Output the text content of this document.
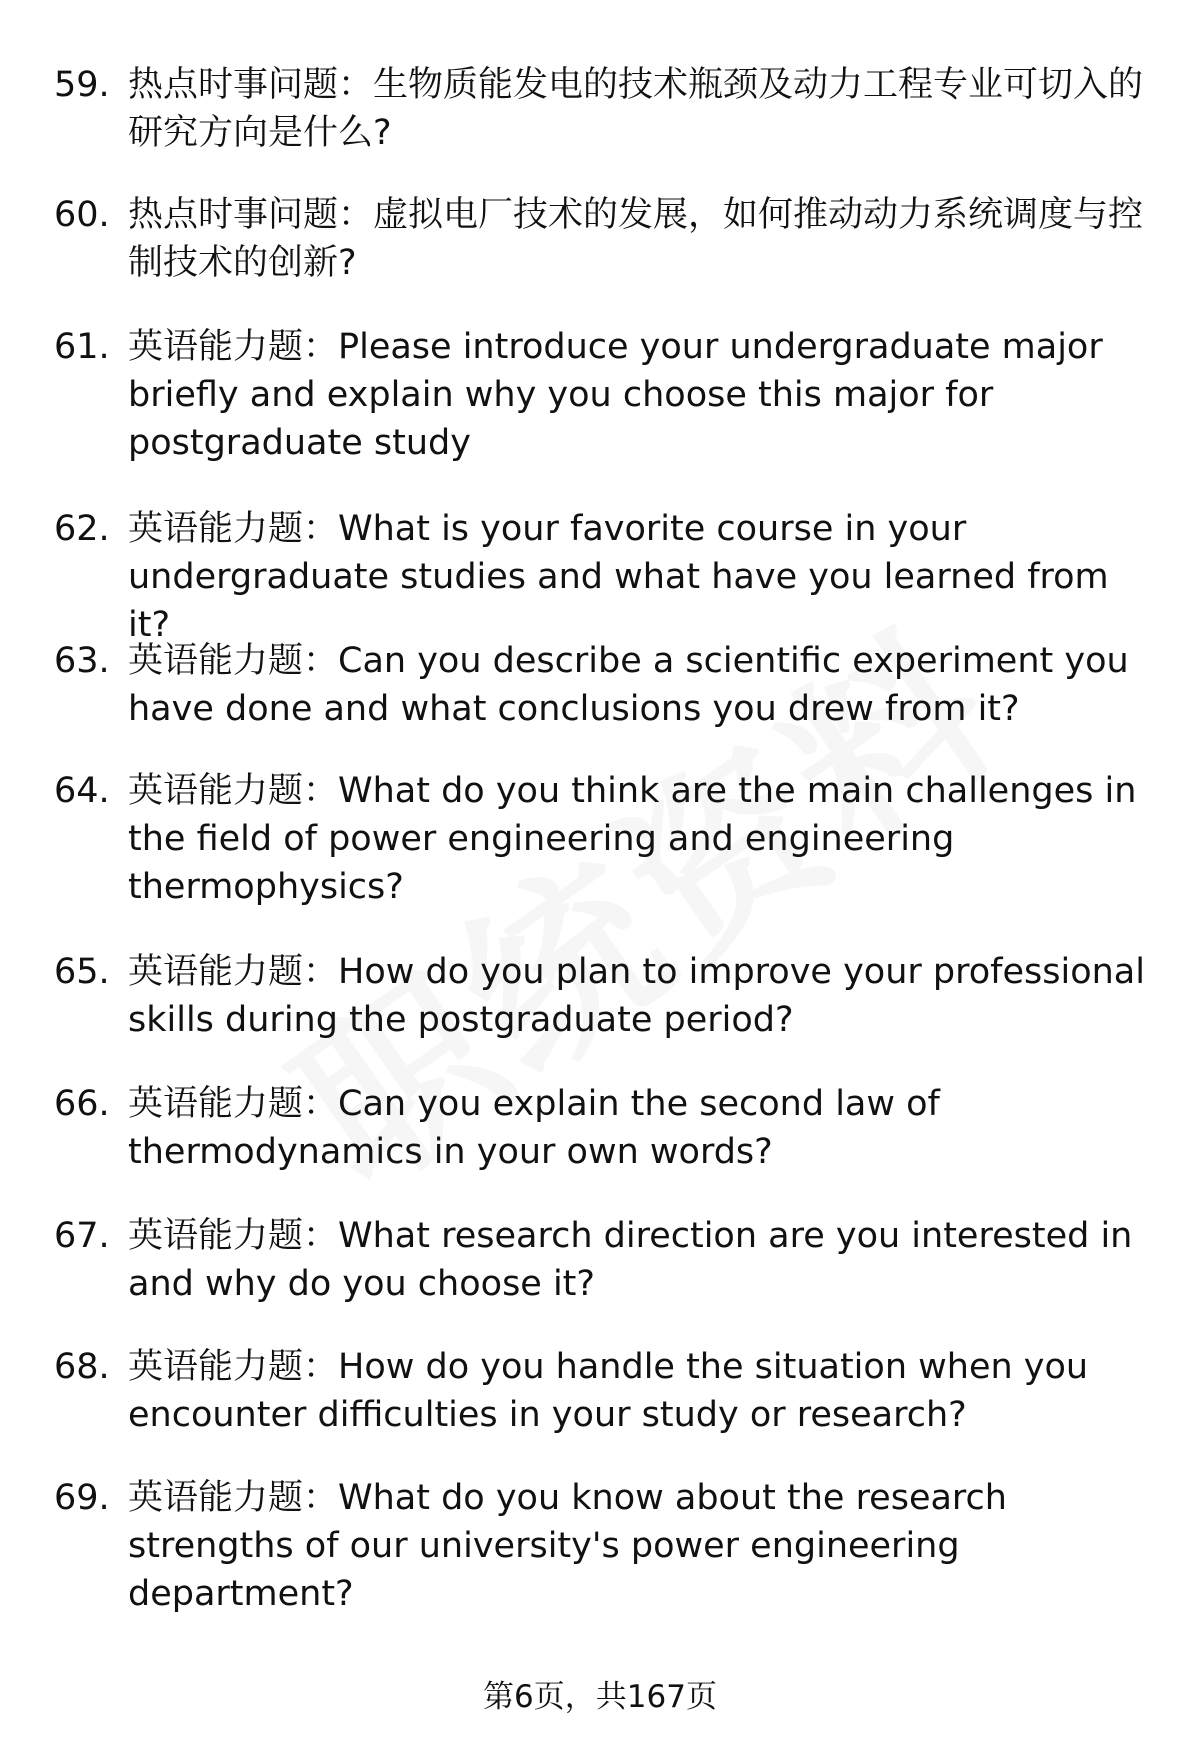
59. 热点时事问题：生物质能发电的技术瓶颈及动力工程专业可切入的研究方向是什么?
60. 热点时事问题：虚拟电厂技术的发展，如何推动动力系统调度与控制技术的创新?
61. 英语能力题：Please introduce your undergraduate major briefly and explain why you choose this major for postgraduate study
62. 英语能力题：What is your favorite course in your undergraduate studies and what have you learned from it?
63. 英语能力题：Can you describe a scientific experiment you have done and what conclusions you drew from it?
64. 英语能力题：What do you think are the main challenges in the field of power engineering and engineering thermophysics?
65. 英语能力题：How do you plan to improve your professional skills during the postgraduate period?
66. 英语能力题：Can you explain the second law of thermodynamics in your own words?
67. 英语能力题：What research direction are you interested in and why do you choose it?
68. 英语能力题：How do you handle the situation when you encounter difficulties in your study or research?
69. 英语能力题：What do you know about the research strengths of our university's power engineering department?
第6页，共167页
